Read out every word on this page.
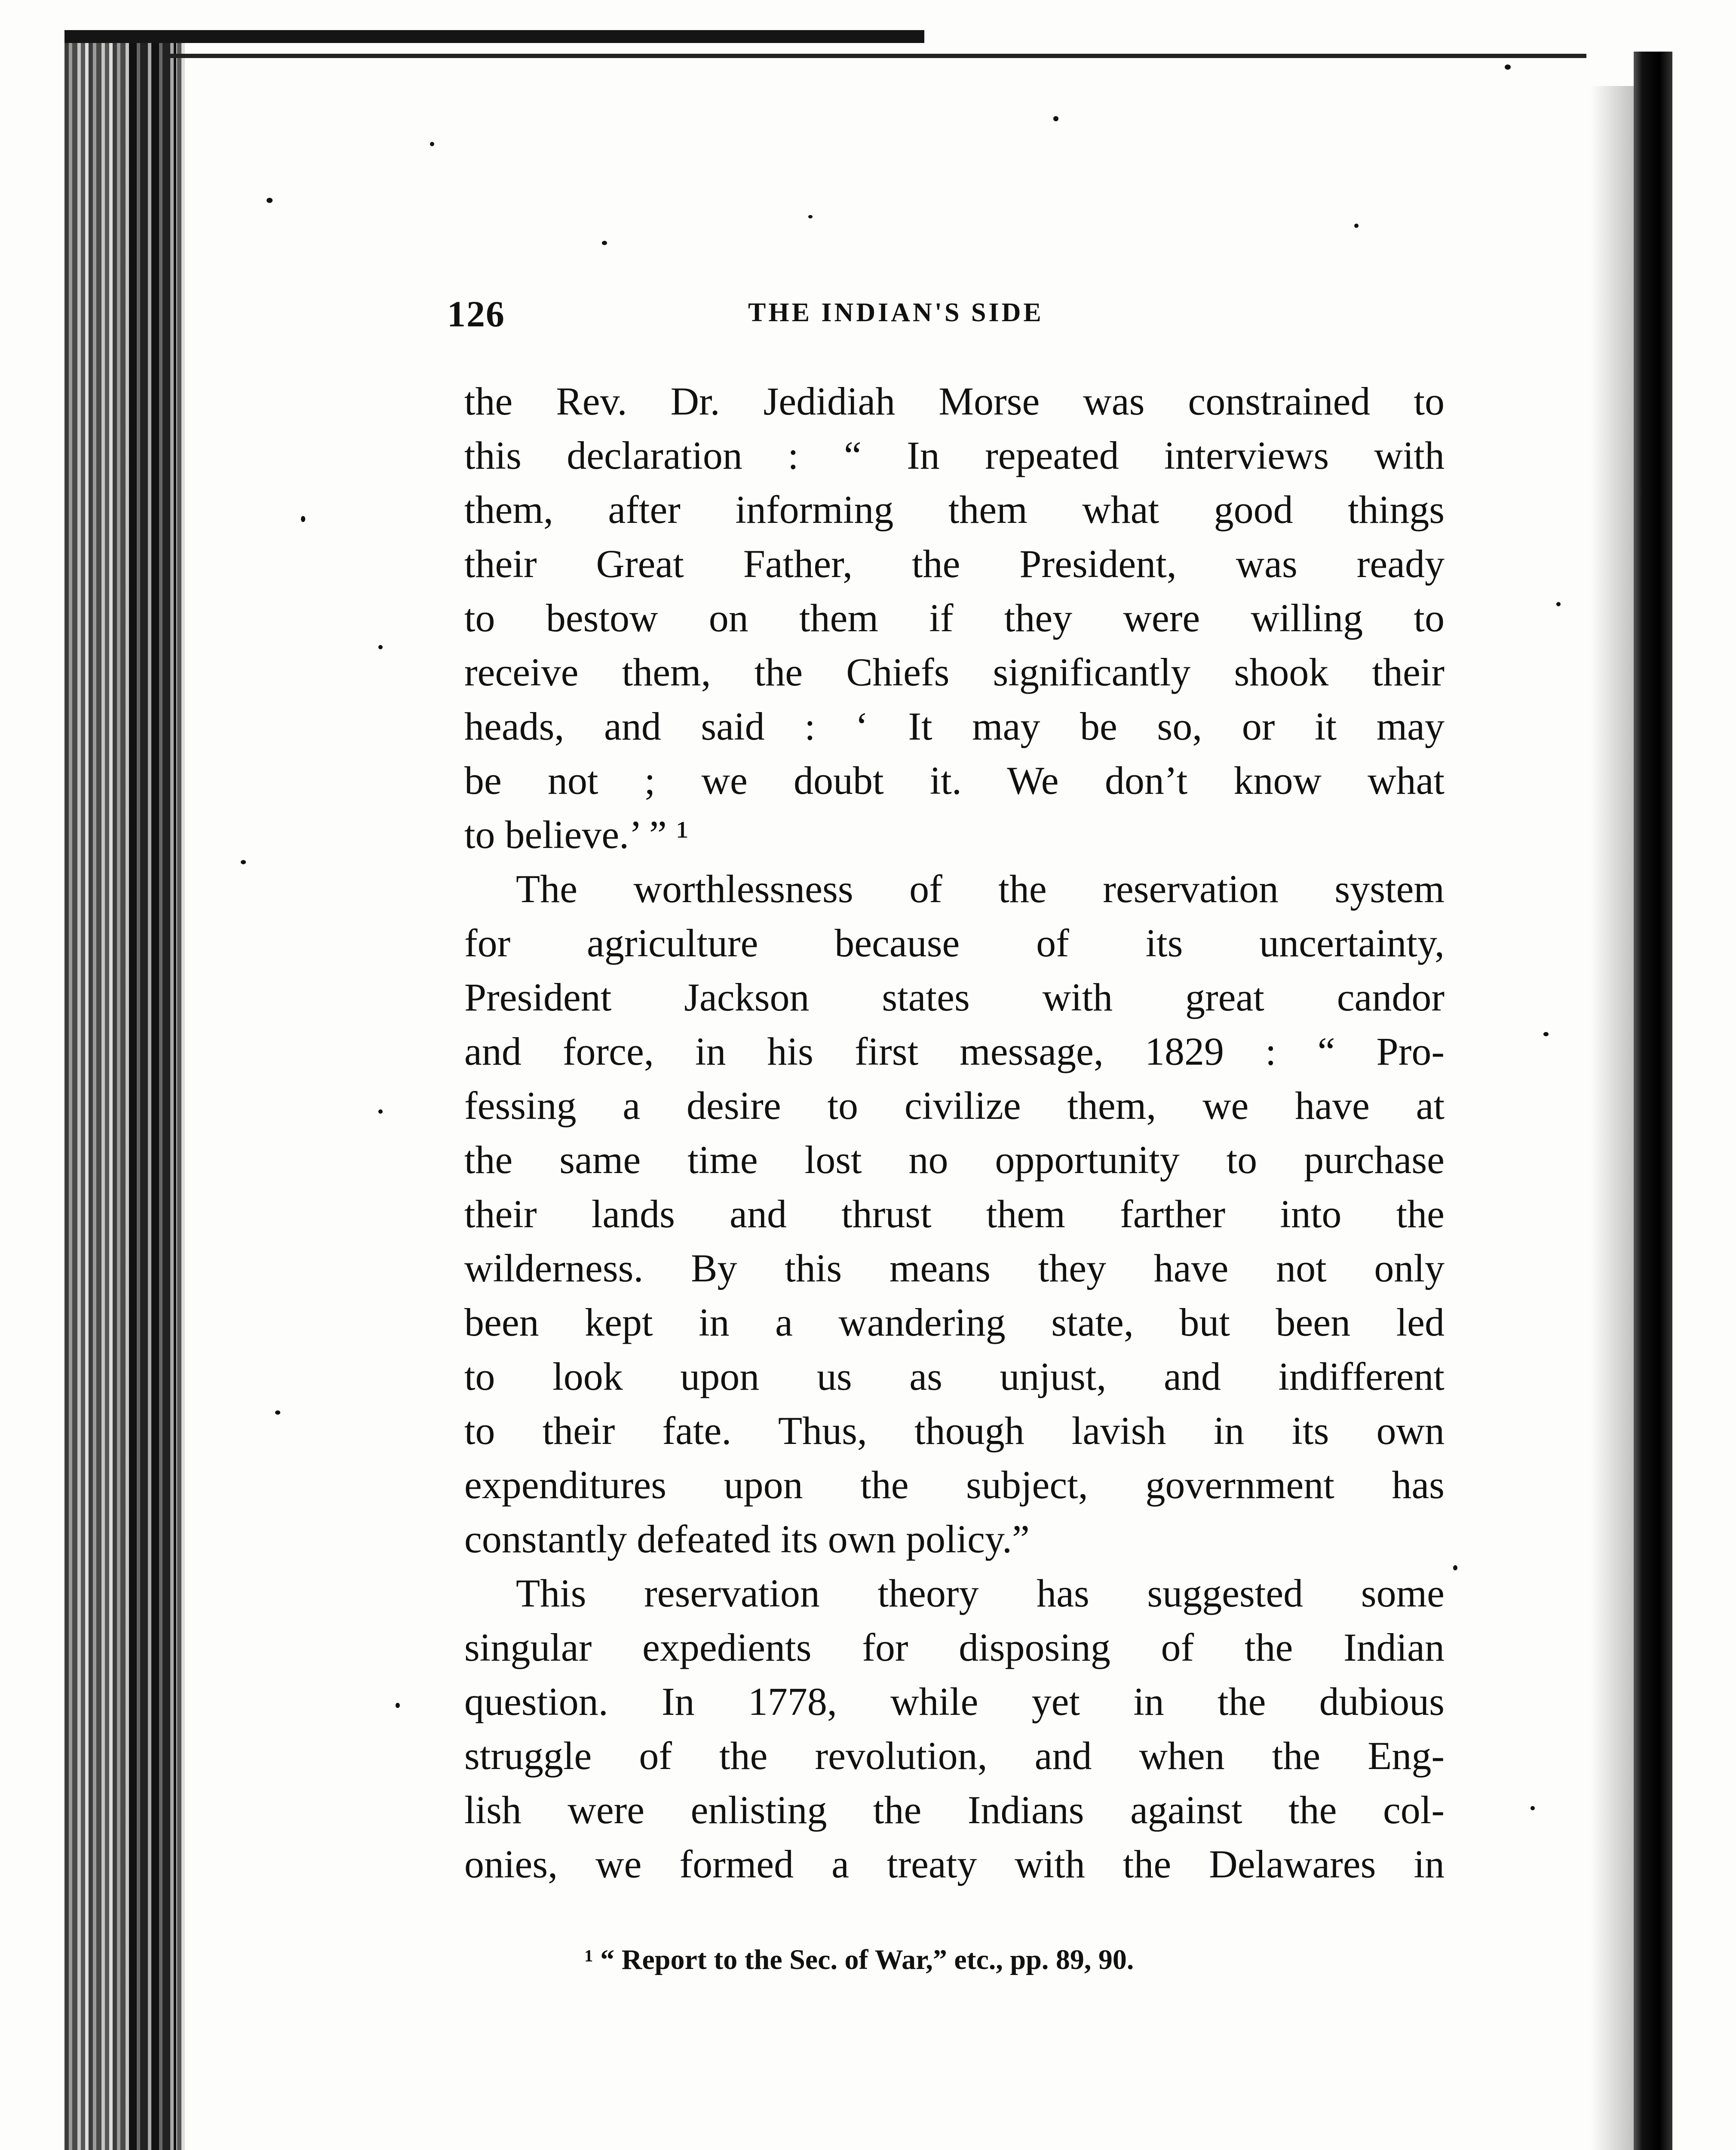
126	THE INDIAN'S SIDE
the Rev. Dr. Jedidiah Morse was constrained to
this declaration : “ In repeated interviews with
them, after informing them what good things
their Great Father, the President, was ready
to bestow on them if they were willing to
receive them, the Chiefs significantly shook their
heads, and said : ‘ It may be so, or it may
be not ; we doubt it. We don’t know what
to believe.’ ” ¹
The worthlessness of the reservation system
for agriculture because of its uncertainty,
President Jackson states with great candor
and force, in his first message, 1829 : “ Pro-
fessing a desire to civilize them, we have at
the same time lost no opportunity to purchase
their lands and thrust them farther into the
wilderness. By this means they have not only
been kept in a wandering state, but been led
to look upon us as unjust, and indifferent
to their fate. Thus, though lavish in its own
expenditures upon the subject, government has
constantly defeated its own policy.”
This reservation theory has suggested some
singular expedients for disposing of the Indian
question. In 1778, while yet in the dubious
struggle of the revolution, and when the Eng-
lish were enlisting the Indians against the col-
onies, we formed a treaty with the Delawares in
¹ “ Report to the Sec. of War,” etc., pp. 89, 90.
